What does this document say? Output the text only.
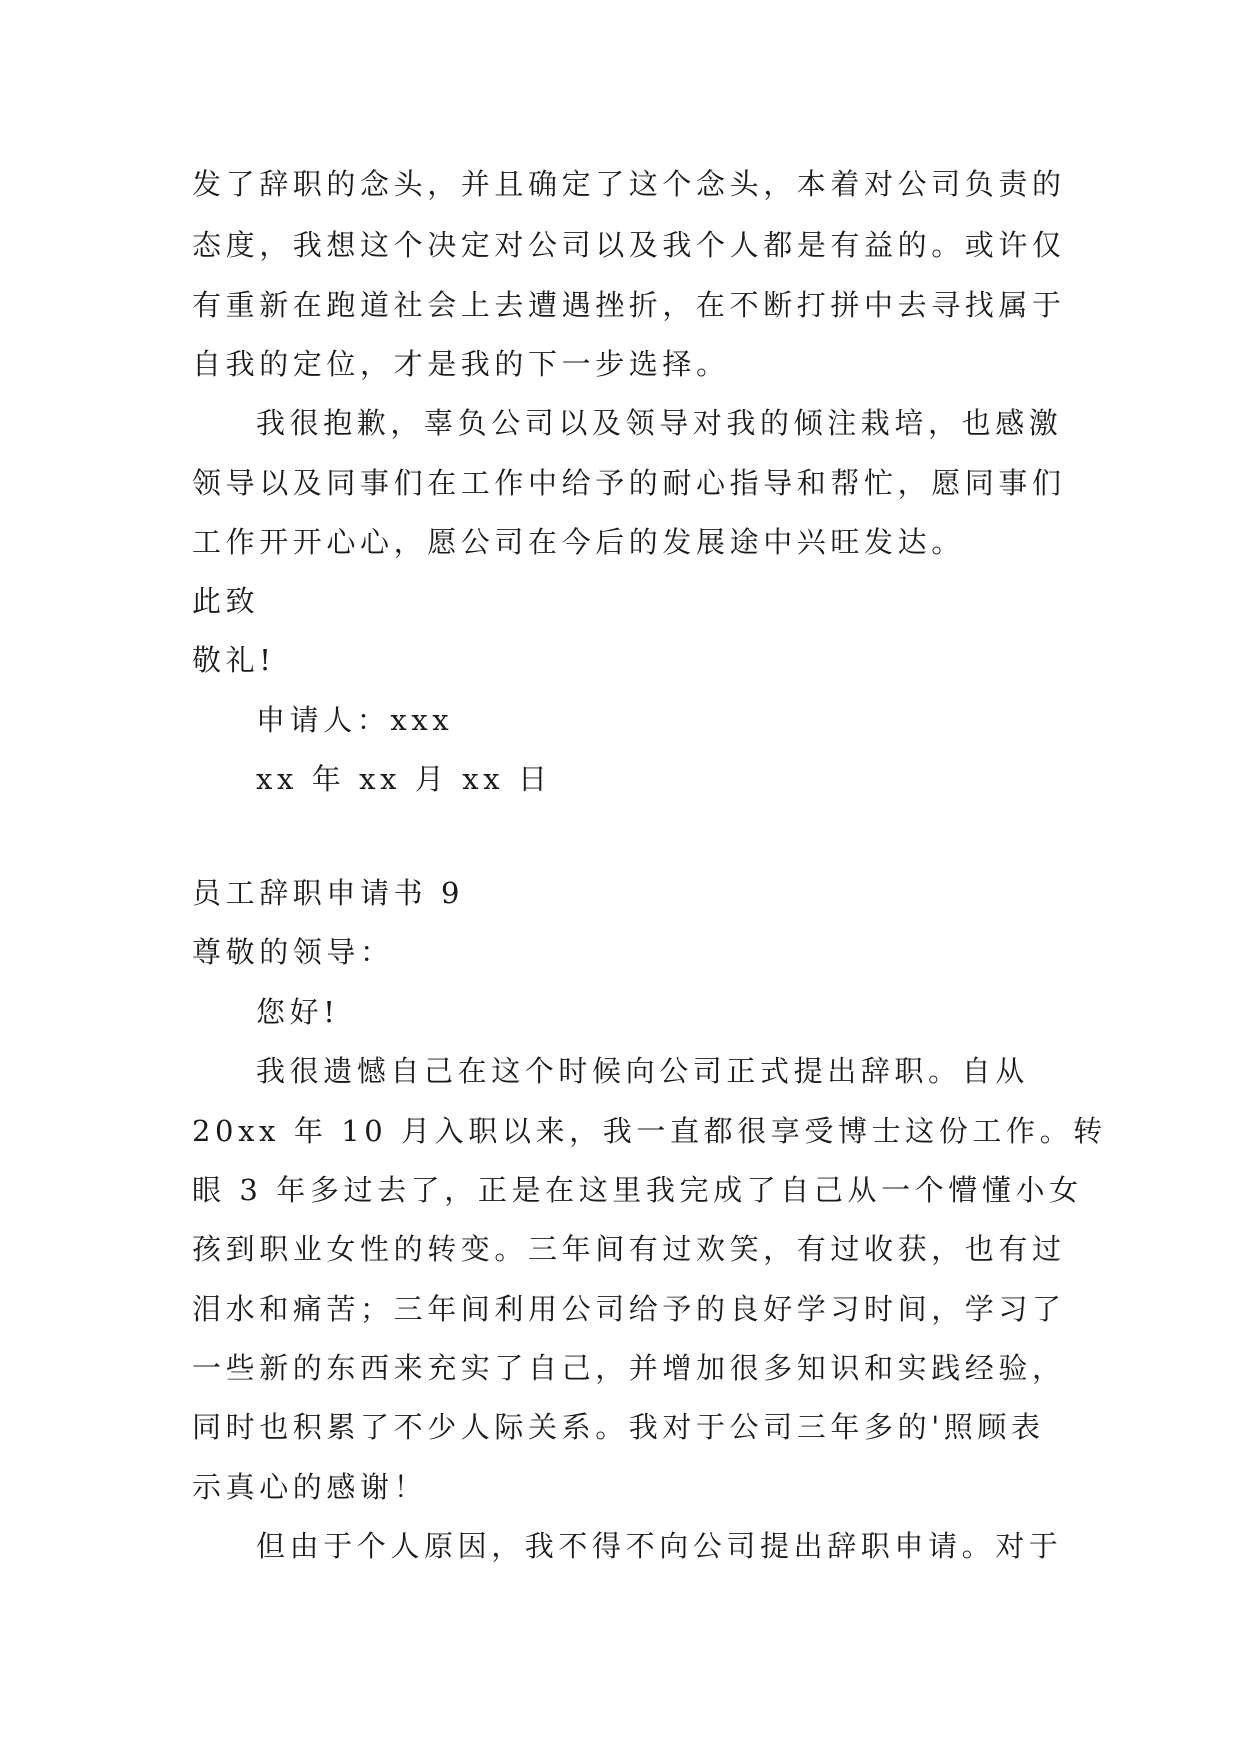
发了辞职的念头，并且确定了这个念头，本着对公司负责的
态度，我想这个决定对公司以及我个人都是有益的。或许仅
有重新在跑道社会上去遭遇挫折，在不断打拼中去寻找属于
自我的定位，才是我的下一步选择。
我很抱歉，辜负公司以及领导对我的倾注栽培，也感激
领导以及同事们在工作中给予的耐心指导和帮忙，愿同事们
工作开开心心，愿公司在今后的发展途中兴旺发达。
此致
敬礼!
申请人：xxx
xx 年 xx 月 xx 日
员工辞职申请书 9
尊敬的领导：
您好!
我很遗憾自己在这个时候向公司正式提出辞职。自从
20xx 年 10 月入职以来，我一直都很享受博士这份工作。转
眼 3 年多过去了，正是在这里我完成了自己从一个懵懂小女
孩到职业女性的转变。三年间有过欢笑，有过收获，也有过
泪水和痛苦；三年间利用公司给予的良好学习时间，学习了
一些新的东西来充实了自己，并增加很多知识和实践经验，
同时也积累了不少人际关系。我对于公司三年多的'照顾表
示真心的感谢！
但由于个人原因，我不得不向公司提出辞职申请。对于
